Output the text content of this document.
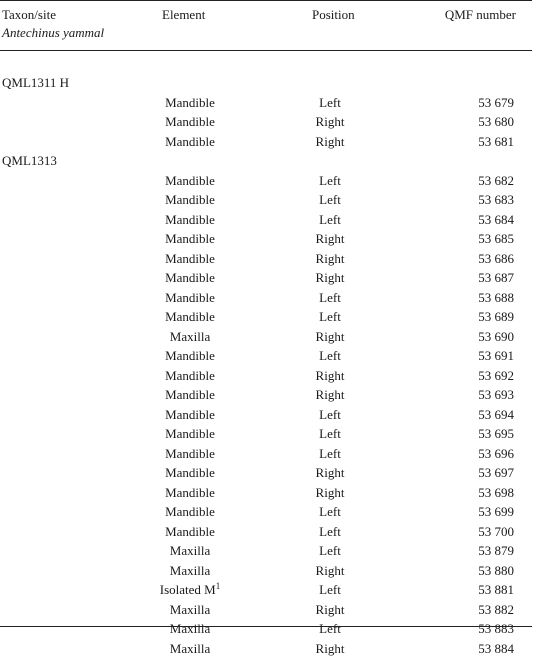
Taxon/site
Antechinus yammal
Element	Position	QMF number
QML1311 H
Mandible	Left	53 679
Mandible	Right	53 680
Mandible	Right	53 681
QML1313
Mandible	Left	53 682
Mandible	Left	53 683
Mandible	Left	53 684
Mandible	Right	53 685
Mandible	Right	53 686
Mandible	Right	53 687
Mandible	Left	53 688
Mandible	Left	53 689
Maxilla	Right	53 690
Mandible	Left	53 691
Mandible	Right	53 692
Mandible	Right	53 693
Mandible	Left	53 694
Mandible	Left	53 695
Mandible	Left	53 696
Mandible	Right	53 697
Mandible	Right	53 698
Mandible	Left	53 699
Mandible	Left	53 700
Maxilla	Left	53 879
Maxilla	Right	53 880
Isolated $M^1$	Left	53 881
Maxilla	Right	53 882
Maxilla	Left	53 883
Maxilla	Right	53 884
